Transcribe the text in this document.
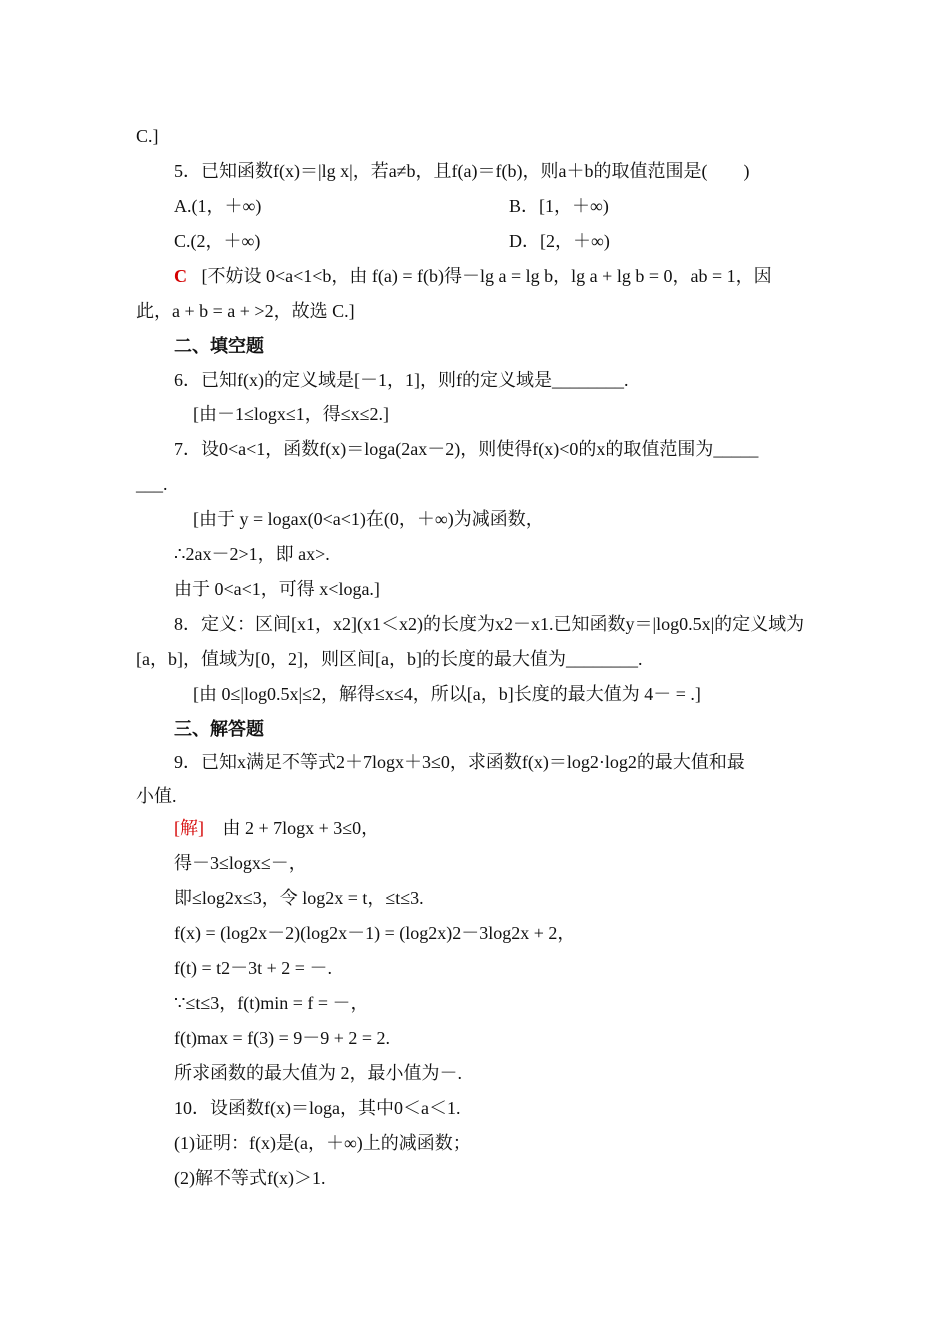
C.]
5．已知函数f(x)＝|lg x|，若a≠b，且f(a)＝f(b)，则a＋b的取值范围是(　　)
A.(1，＋∞)	B．[1，＋∞)
C.(2，＋∞)	D．[2，＋∞)
C [不妨设 0<a<1<b，由 f(a) = f(b)得－lg a = lg b，lg a + lg b = 0，ab = 1，因
此，a + b = a + >2，故选 C.]
二、填空题
6．已知f(x)的定义域是[－1，1]，则f的定义域是________.
[由－1≤logx≤1，得≤x≤2.]
7．设0<a<1，函数f(x)＝loga(2ax－2)，则使得f(x)<0的x的取值范围为_____
___.
[由于 y = logax(0<a<1)在(0，＋∞)为减函数，
∴2ax－2>1，即 ax>.
由于 0<a<1，可得 x<loga.]
8．定义：区间[x1，x2](x1＜x2)的长度为x2－x1.已知函数y＝|log0.5x|的定义域为
[a，b]，值域为[0，2]，则区间[a，b]的长度的最大值为________.
[由 0≤|log0.5x|≤2，解得≤x≤4，所以[a，b]长度的最大值为 4－ = .]
三、解答题
9．已知x满足不等式2＋7logx＋3≤0，求函数f(x)＝log2·log2的最大值和最
小值.
[解] 由 2 + 7logx + 3≤0，
得－3≤logx≤－，
即≤log2x≤3，令 log2x = t，≤t≤3.
f(x) = (log2x－2)(log2x－1) = (log2x)2－3log2x + 2，
f(t) = t2－3t + 2 = －.
∵≤t≤3，f(t)min = f = －，
f(t)max = f(3) = 9－9 + 2 = 2.
所求函数的最大值为 2，最小值为－.
10．设函数f(x)＝loga，其中0＜a＜1.
(1)证明：f(x)是(a，＋∞)上的减函数；
(2)解不等式f(x)＞1.
